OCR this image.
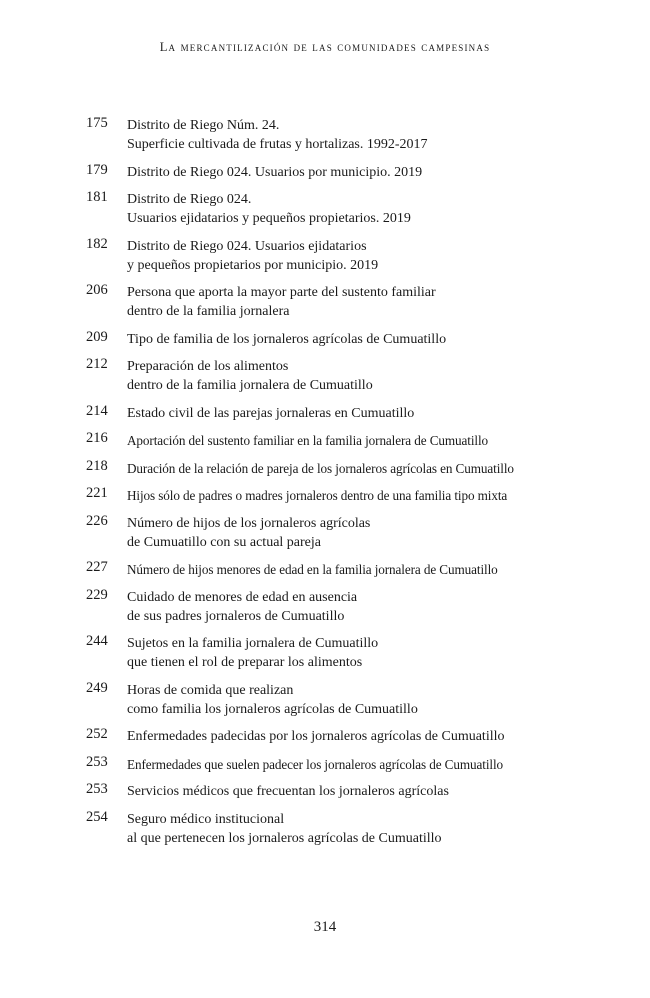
La mercantilización de las comunidades campesinas
175	Distrito de Riego Núm. 24.
Superficie cultivada de frutas y hortalizas. 1992-2017
179	Distrito de Riego 024. Usuarios por municipio. 2019
181	Distrito de Riego 024.
Usuarios ejidatarios y pequeños propietarios. 2019
182	Distrito de Riego 024. Usuarios ejidatarios
y pequeños propietarios por municipio. 2019
206	Persona que aporta la mayor parte del sustento familiar
dentro de la familia jornalera
209	Tipo de familia de los jornaleros agrícolas de Cumuatillo
212	Preparación de los alimentos
dentro de la familia jornalera de Cumuatillo
214	Estado civil de las parejas jornaleras en Cumuatillo
216	Aportación del sustento familiar en la familia jornalera de Cumuatillo
218	Duración de la relación de pareja de los jornaleros agrícolas en Cumuatillo
221	Hijos sólo de padres o madres jornaleros dentro de una familia tipo mixta
226	Número de hijos de los jornaleros agrícolas
de Cumuatillo con su actual pareja
227	Número de hijos menores de edad en la familia jornalera de Cumuatillo
229	Cuidado de menores de edad en ausencia
de sus padres jornaleros de Cumuatillo
244	Sujetos en la familia jornalera de Cumuatillo
que tienen el rol de preparar los alimentos
249	Horas de comida que realizan
como familia los jornaleros agrícolas de Cumuatillo
252	Enfermedades padecidas por los jornaleros agrícolas de Cumuatillo
253	Enfermedades que suelen padecer los jornaleros agrícolas de Cumuatillo
253	Servicios médicos que frecuentan los jornaleros agrícolas
254	Seguro médico institucional
al que pertenecen los jornaleros agrícolas de Cumuatillo
314
